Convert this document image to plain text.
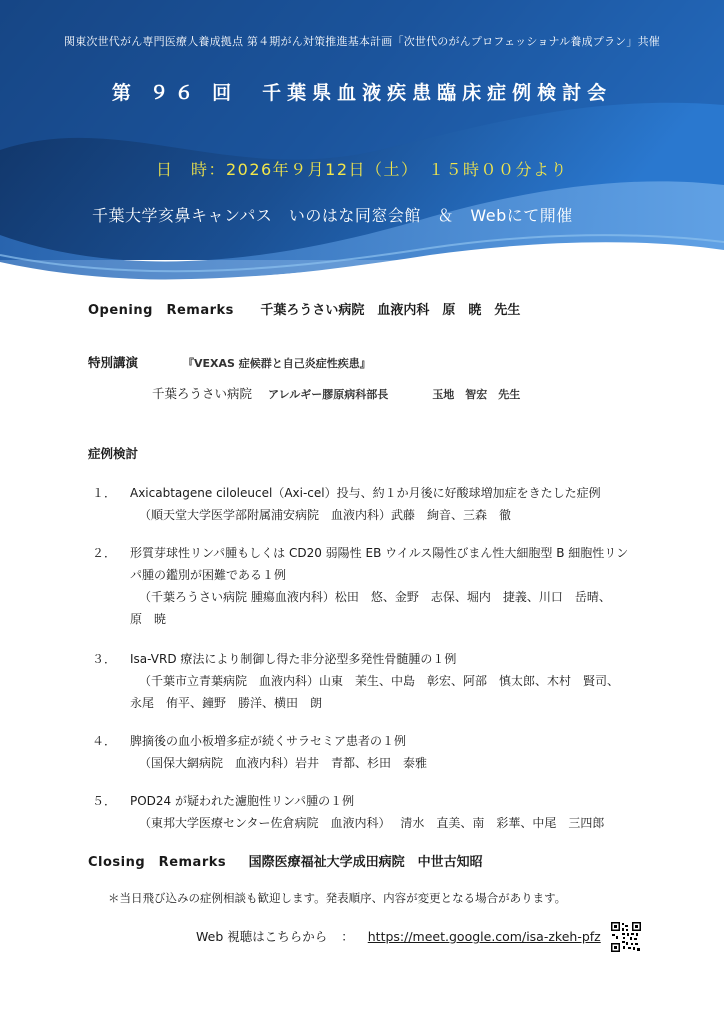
関東次世代がん専門医療人養成拠点 第４期がん対策推進基本計画「次世代のがんプロフェッショナル養成プラン」共催
第 ９６ 回　千葉県血液疾患臨床症例検討会
日　時：2026年９月12日（土）　１５時００分より
千葉大学亥鼻キャンパス　いのはな同窓会館　＆　Webにて開催
Opening　Remarks 千葉ろうさい病院　血液内科　原　暁　先生
特別講演	『VEXAS 症候群と自己炎症性疾患』
千葉ろうさい病院 アレルギー膠原病科部長	玉地　智宏　先生
症例検討
１．	Axicabtagene ciloleucel（Axi-cel）投与、約１か月後に好酸球増加症をきたした症例
（順天堂大学医学部附属浦安病院　血液内科）武藤　絢音、三森　徹
２．	形質芽球性リンパ腫もしくは CD20 弱陽性 EB ウイルス陽性びまん性大細胞型 B 細胞性リン
パ腫の鑑別が困難である１例
（千葉ろうさい病院 腫瘍血液内科）松田　悠、金野　志保、堀内　捷義、川口　岳晴、
原　暁
３．	Isa-VRD 療法により制御し得た非分泌型多発性骨髄腫の１例
（千葉市立青葉病院　血液内科）山東　茉生、中島　彰宏、阿部　慎太郎、木村　賢司、
永尾　侑平、鐘野　勝洋、横田　朗
４．	脾摘後の血小板増多症が続くサラセミア患者の１例
（国保大網病院　血液内科）岩井　青都、杉田　泰雅
５．	POD24 が疑われた濾胞性リンパ腫の１例
（東邦大学医療センター佐倉病院　血液内科）　 清水　直美、南　彩華、中尾　三四郎
Closing　Remarks 国際医療福祉大学成田病院　中世古知昭
＊当日飛び込みの症例相談も歓迎します。発表順序、内容が変更となる場合があります。
Web 視聴はこちらから ： https://meet.google.com/isa-zkeh-pfz
